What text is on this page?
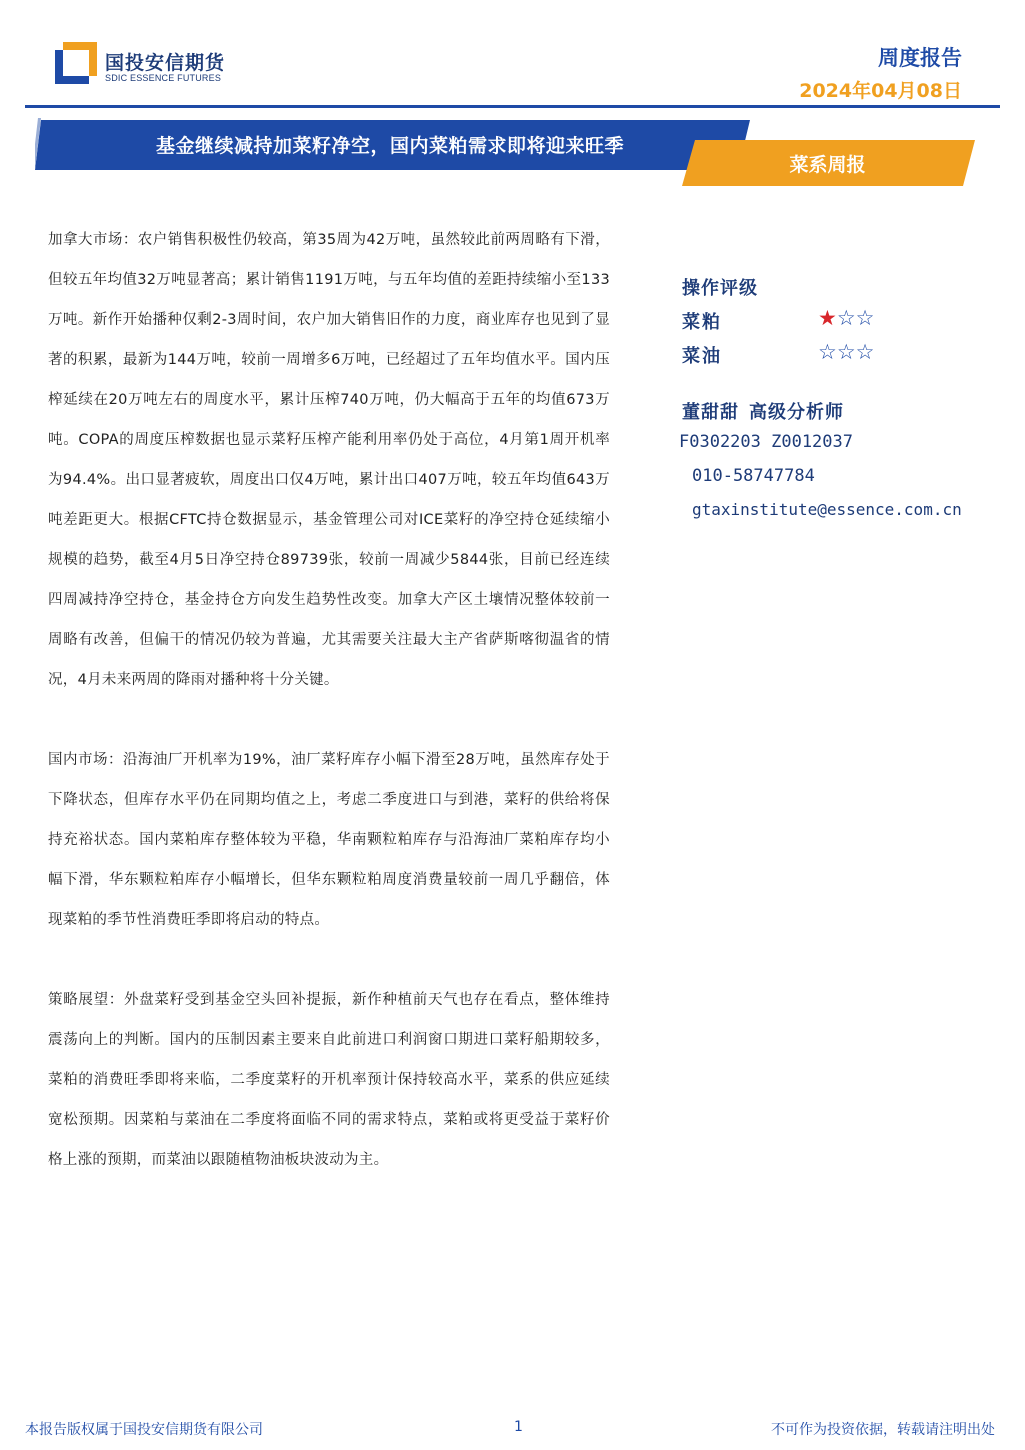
国投安信期货
SDIC ESSENCE FUTURES
周度报告
2024年04月08日
基金继续减持加菜籽净空，国内菜粕需求即将迎来旺季
菜系周报

加拿大市场：农户销售积极性仍较高，第35周为42万吨，虽然较此前两周略有下滑，但较五年均值32万吨显著高；累计销售1191万吨，与五年均值的差距持续缩小至133万吨。新作开始播种仅剩2-3周时间，农户加大销售旧作的力度，商业库存也见到了显著的积累，最新为144万吨，较前一周增多6万吨，已经超过了五年均值水平。国内压榨延续在20万吨左右的周度水平，累计压榨740万吨，仍大幅高于五年的均值673万吨。COPA的周度压榨数据也显示菜籽压榨产能利用率仍处于高位，4月第1周开机率为94.4%。出口显著疲软，周度出口仅4万吨，累计出口407万吨，较五年均值643万吨差距更大。根据CFTC持仓数据显示，基金管理公司对ICE菜籽的净空持仓延续缩小规模的趋势，截至4月5日净空持仓89739张，较前一周减少5844张，目前已经连续四周减持净空持仓，基金持仓方向发生趋势性改变。加拿大产区土壤情况整体较前一周略有改善，但偏干的情况仍较为普遍，尤其需要关注最大主产省萨斯喀彻温省的情况，4月未来两周的降雨对播种将十分关键。

国内市场：沿海油厂开机率为19%，油厂菜籽库存小幅下滑至28万吨，虽然库存处于下降状态，但库存水平仍在同期均值之上，考虑二季度进口与到港，菜籽的供给将保持充裕状态。国内菜粕库存整体较为平稳，华南颗粒粕库存与沿海油厂菜粕库存均小幅下滑，华东颗粒粕库存小幅增长，但华东颗粒粕周度消费量较前一周几乎翻倍，体现菜粕的季节性消费旺季即将启动的特点。

策略展望：外盘菜籽受到基金空头回补提振，新作种植前天气也存在看点，整体维持震荡向上的判断。国内的压制因素主要来自此前进口利润窗口期进口菜籽船期较多，菜粕的消费旺季即将来临，二季度菜籽的开机率预计保持较高水平，菜系的供应延续宽松预期。因菜粕与菜油在二季度将面临不同的需求特点，菜粕或将更受益于菜籽价格上涨的预期，而菜油以跟随植物油板块波动为主。

操作评级
菜粕	★☆☆
菜油	☆☆☆
董甜甜 高级分析师
F0302203 Z0012037
010-58747784
gtaxinstitute@essence.com.cn
本报告版权属于国投安信期货有限公司	1	不可作为投资依据，转载请注明出处
